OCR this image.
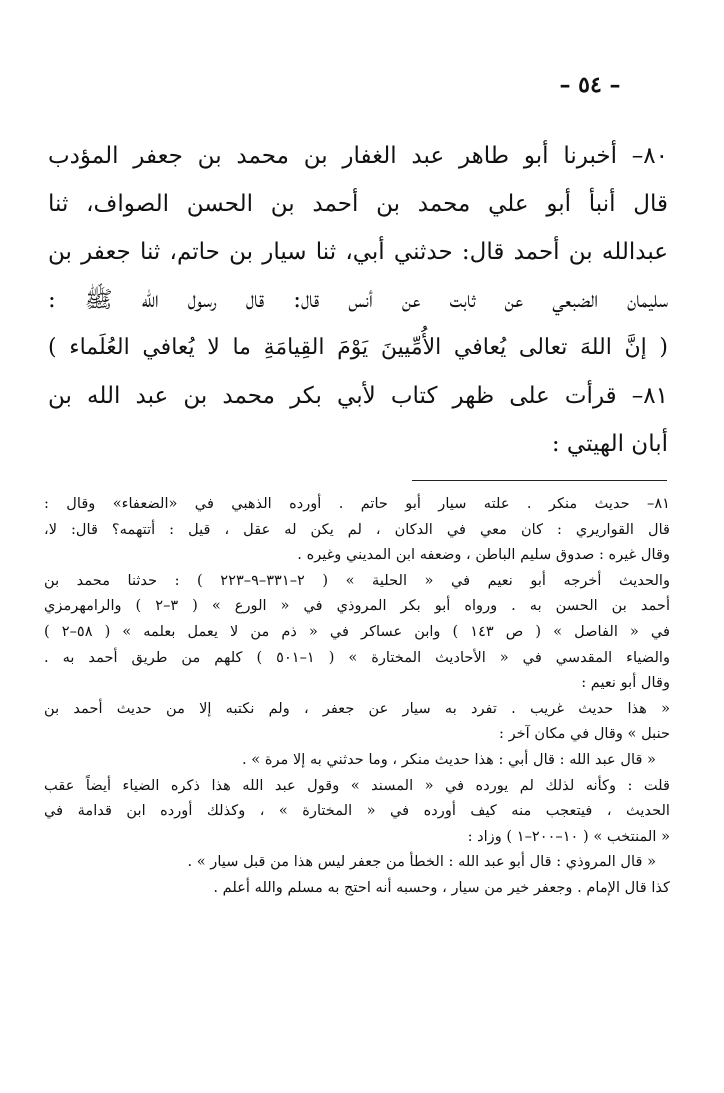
– ٥٤ –
٨٠– أخبرنا أبو طاهر عبد الغفار بن محمد بن جعفر المؤدب
قال أنبأ أبو علي محمد بن أحمد بن الحسن الصواف، ثنا
عبدالله بن أحمد قال: حدثني أبي، ثنا سيار بن حاتم، ثنا جعفر بن
سليمان الضبعي عن ثابت عن أنس قال: قال رسول الله ﷺ :
( إنَّ اللهَ تعالى يُعافي الأُمِّيينَ يَوْمَ القِيامَةِ ما لا يُعافي العُلَماء )
٨١– قرأت على ظهر كتاب لأبي بكر محمد بن عبد الله بن
أبان الهيتي :
٨١– حديث منكر . علته سيار أبو حاتم . أورده الذهبي في «الضعفاء» وقال :
قال القواريري : كان معي في الدكان ، لم يكن له عقل ، قيل : أتتهمه؟ قال: لا،
وقال غيره : صدوق سليم الباطن ، وضعفه ابن المديني وغيره .
والحديث أخرجه أبو نعيم في « الحلية » ( ٢–٣٣١–٩–٢٢٣ ) : حدثنا محمد بن
أحمد بن الحسن به . ورواه أبو بكر المروذي في « الورع » ( ٣–٢ ) والرامهرمزي
في « الفاصل » ( ص ١٤٣ ) وابن عساكر في « ذم من لا يعمل بعلمه » ( ٥٨–٢ )
والضياء المقدسي في « الأحاديث المختارة » ( ١–٥٠١ ) كلهم من طريق أحمد به .
وقال أبو نعيم :
« هذا حديث غريب . تفرد به سيار عن جعفر ، ولم نكتبه إلا من حديث أحمد بن
حنبل » وقال في مكان آخر :
« قال عبد الله : قال أبي : هذا حديث منكر ، وما حدثني به إلا مرة » .
قلت : وكأنه لذلك لم يورده في « المسند » وقول عبد الله هذا ذكره الضياء أيضاً عقب
الحديث ، فيتعجب منه كيف أورده في « المختارة » ، وكذلك أورده ابن قدامة في
« المنتخب » ( ١٠–٢٠٠–١ ) وزاد :
« قال المروذي : قال أبو عبد الله : الخطأ من جعفر ليس هذا من قبل سيار » .
كذا قال الإمام . وجعفر خير من سيار ، وحسبه أنه احتج به مسلم والله أعلم .
